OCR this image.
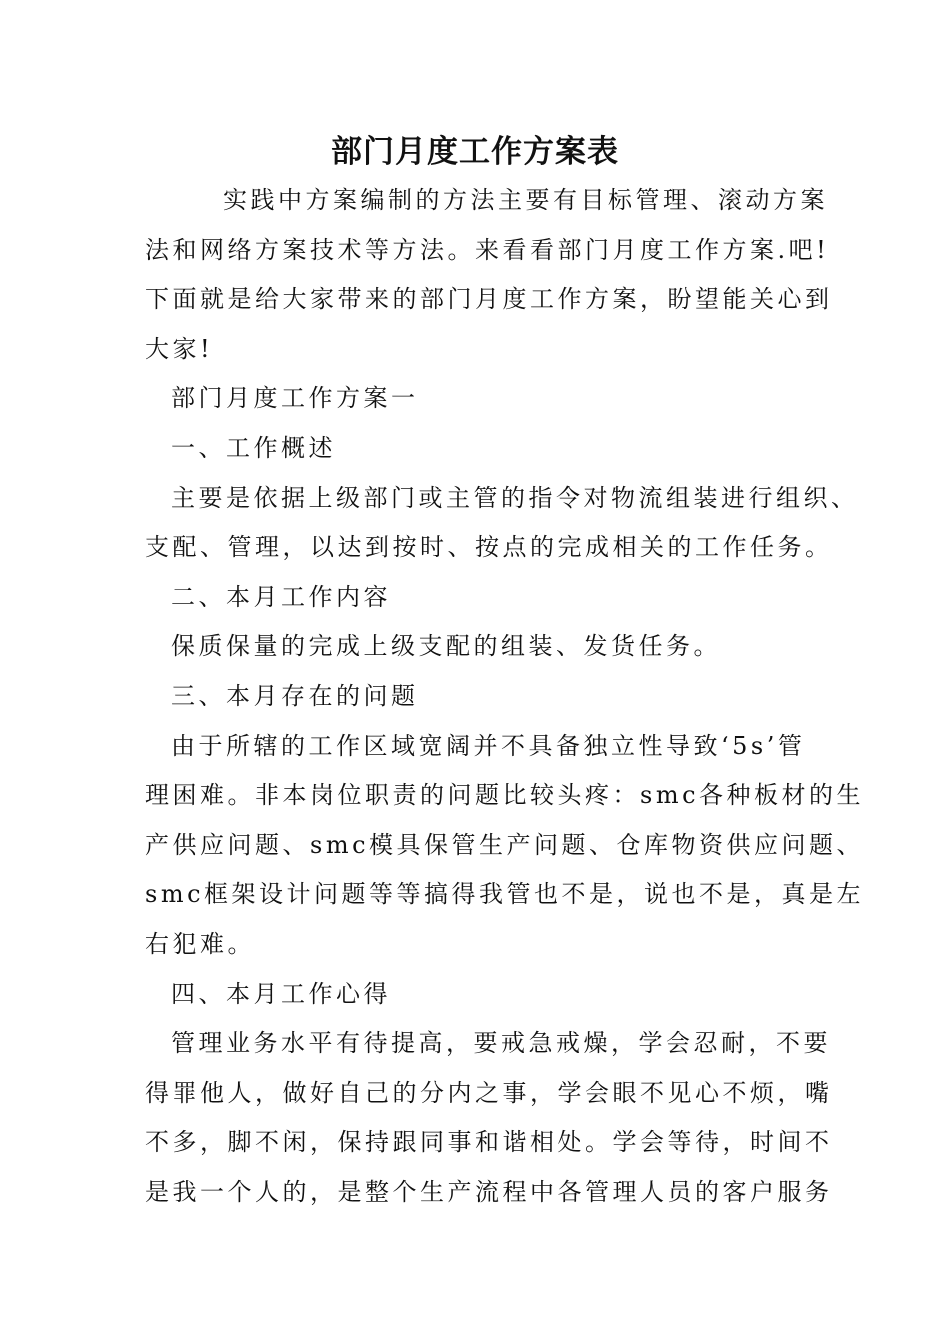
部门月度工作方案表
实践中方案编制的方法主要有目标管理、滚动方案
法和网络方案技术等方法。来看看部门月度工作方案.吧!
下面就是给大家带来的部门月度工作方案，盼望能关心到
大家!
部门月度工作方案一
一、工作概述
主要是依据上级部门或主管的指令对物流组装进行组织、
支配、管理，以达到按时、按点的完成相关的工作任务。
二、本月工作内容
保质保量的完成上级支配的组装、发货任务。
三、本月存在的问题
由于所辖的工作区域宽阔并不具备独立性导致‘5s’管
理困难。非本岗位职责的问题比较头疼：smc各种板材的生
产供应问题、smc模具保管生产问题、仓库物资供应问题、
smc框架设计问题等等搞得我管也不是，说也不是，真是左
右犯难。
四、本月工作心得
管理业务水平有待提高，要戒急戒燥，学会忍耐，不要
得罪他人，做好自己的分内之事，学会眼不见心不烦，嘴
不多，脚不闲，保持跟同事和谐相处。学会等待，时间不
是我一个人的，是整个生产流程中各管理人员的客户服务
